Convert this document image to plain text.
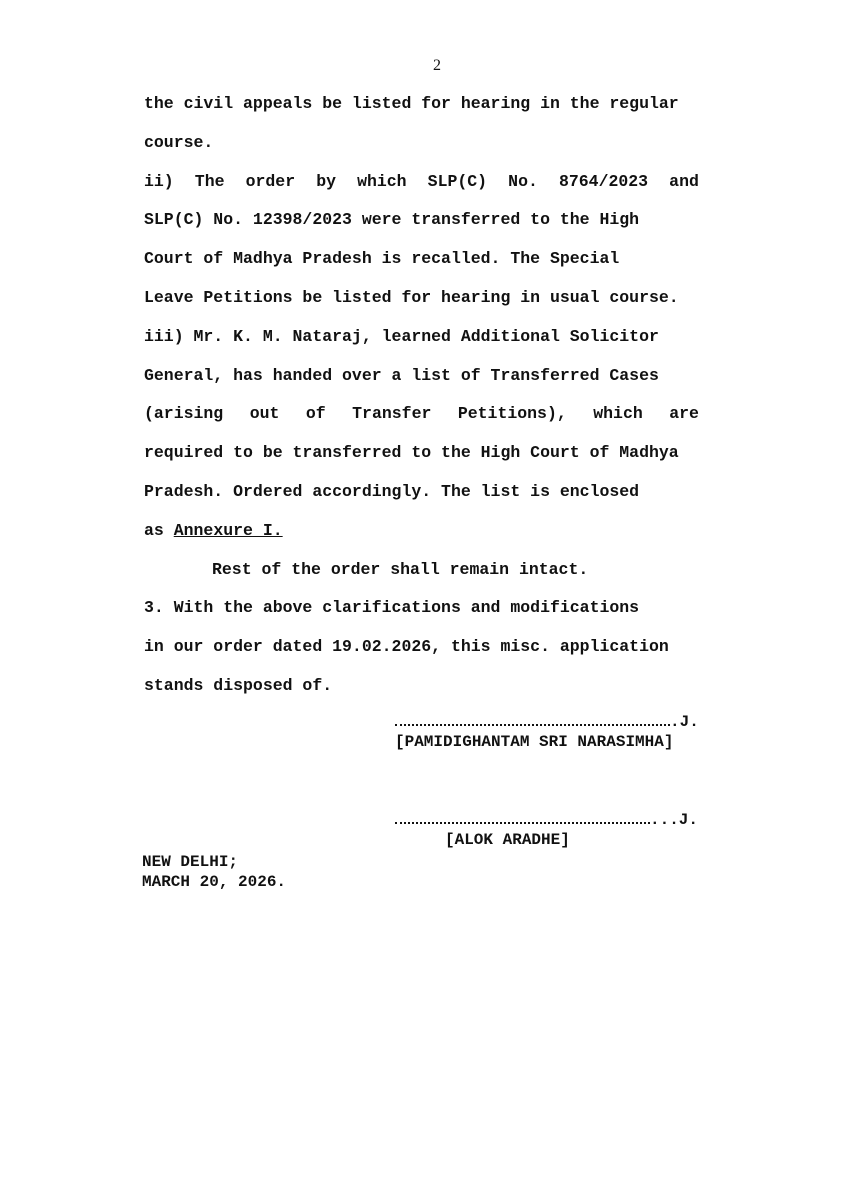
2
the civil appeals be listed for hearing in the regular
course.
ii) The order by which SLP(C) No. 8764/2023 and
SLP(C) No. 12398/2023 were transferred to the High
Court of Madhya Pradesh is recalled. The Special
Leave Petitions be listed for hearing in usual course.
iii) Mr. K. M. Nataraj, learned Additional Solicitor
General, has handed over a list of Transferred Cases
(arising out of Transfer Petitions), which are
required to be transferred to the High Court of Madhya
Pradesh. Ordered accordingly. The list is enclosed
as Annexure I.
Rest of the order shall remain intact.
3. With the above clarifications and modifications
in our order dated 19.02.2026, this misc. application
stands disposed of.
.J.
[PAMIDIGHANTAM SRI NARASIMHA]
...J.
[ALOK ARADHE]
NEW DELHI;
MARCH 20, 2026.
